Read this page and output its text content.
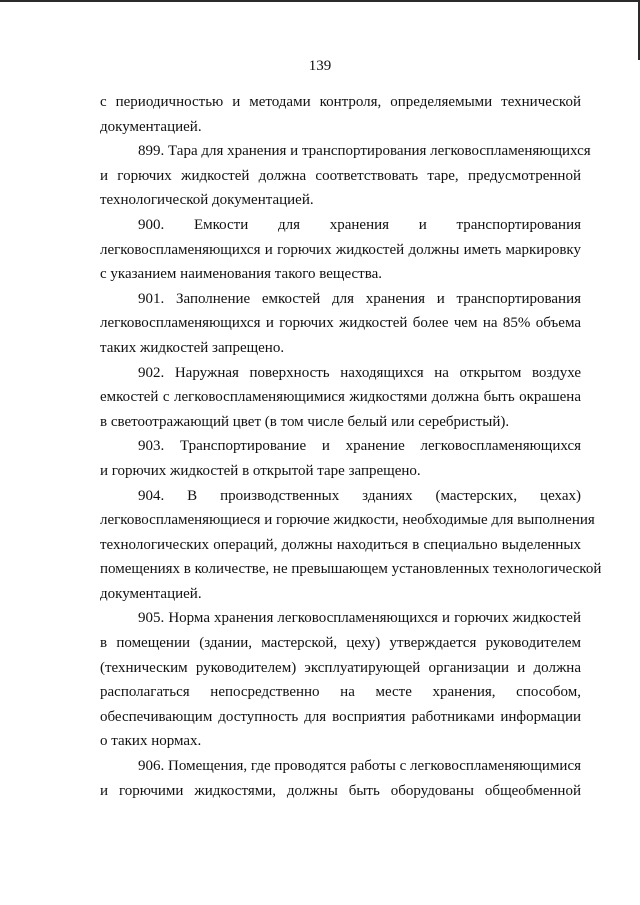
139
с периодичностью и методами контроля, определяемыми технической
документацией.
899. Тара для хранения и транспортирования легковоспламеняющихся
и горючих жидкостей должна соответствовать таре, предусмотренной
технологической документацией.
900. Емкости для хранения и транспортирования
легковоспламеняющихся и горючих жидкостей должны иметь маркировку
с указанием наименования такого вещества.
901. Заполнение емкостей для хранения и транспортирования
легковоспламеняющихся и горючих жидкостей более чем на 85% объема
таких жидкостей запрещено.
902. Наружная поверхность находящихся на открытом воздухе
емкостей с легковоспламеняющимися жидкостями должна быть окрашена
в светоотражающий цвет (в том числе белый или серебристый).
903. Транспортирование и хранение легковоспламеняющихся
и горючих жидкостей в открытой таре запрещено.
904. В производственных зданиях (мастерских, цехах)
легковоспламеняющиеся и горючие жидкости, необходимые для выполнения
технологических операций, должны находиться в специально выделенных
помещениях в количестве, не превышающем установленных технологической
документацией.
905. Норма хранения легковоспламеняющихся и горючих жидкостей
в помещении (здании, мастерской, цеху) утверждается руководителем
(техническим руководителем) эксплуатирующей организации и должна
располагаться непосредственно на месте хранения, способом,
обеспечивающим доступность для восприятия работниками информации
о таких нормах.
906. Помещения, где проводятся работы с легковоспламеняющимися
и горючими жидкостями, должны быть оборудованы общеобменной
